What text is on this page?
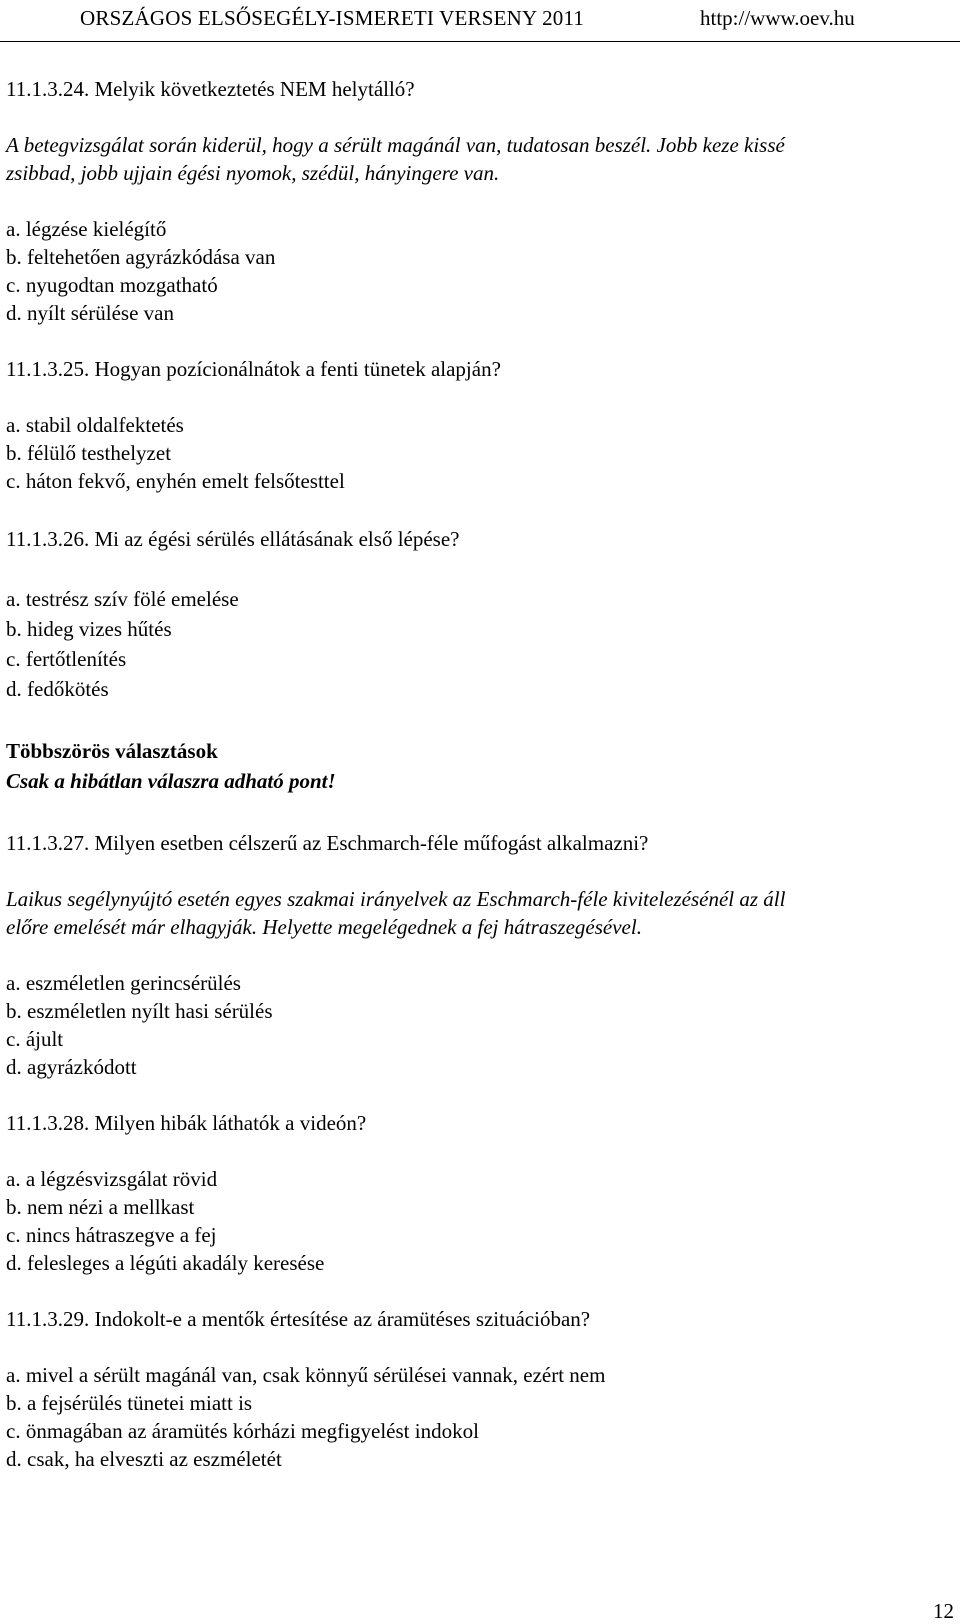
ORSZÁGOS ELSŐSEGÉLY-ISMERETI VERSENY 2011	http://www.oev.hu
11.1.3.24. Melyik következtetés NEM helytálló?
A betegvizsgálat során kiderül, hogy a sérült magánál van, tudatosan beszél. Jobb keze kissé
zsibbad, jobb ujjain égési nyomok, szédül, hányingere van.
a. légzése kielégítő
b. feltehetően agyrázkódása van
c. nyugodtan mozgatható
d. nyílt sérülése van
11.1.3.25. Hogyan pozícionálnátok a fenti tünetek alapján?
a. stabil oldalfektetés
b. félülő testhelyzet
c. háton fekvő, enyhén emelt felsőtesttel
11.1.3.26. Mi az égési sérülés ellátásának első lépése?
a. testrész szív fölé emelése
b. hideg vizes hűtés
c. fertőtlenítés
d. fedőkötés
Többszörös választások
Csak a hibátlan válaszra adható pont!
11.1.3.27. Milyen esetben célszerű az Eschmarch-féle műfogást alkalmazni?
Laikus segélynyújtó esetén egyes szakmai irányelvek az Eschmarch-féle kivitelezésénél az áll
előre emelését már elhagyják. Helyette megelégednek a fej hátraszegésével.
a. eszméletlen gerincsérülés
b. eszméletlen nyílt hasi sérülés
c. ájult
d. agyrázkódott
11.1.3.28. Milyen hibák láthatók a videón?
a. a légzésvizsgálat rövid
b. nem nézi a mellkast
c. nincs hátraszegve a fej
d. felesleges a légúti akadály keresése
11.1.3.29. Indokolt-e a mentők értesítése az áramütéses szituációban?
a. mivel a sérült magánál van, csak könnyű sérülései vannak, ezért nem
b. a fejsérülés tünetei miatt is
c. önmagában az áramütés kórházi megfigyelést indokol
d. csak, ha elveszti az eszméletét
12
